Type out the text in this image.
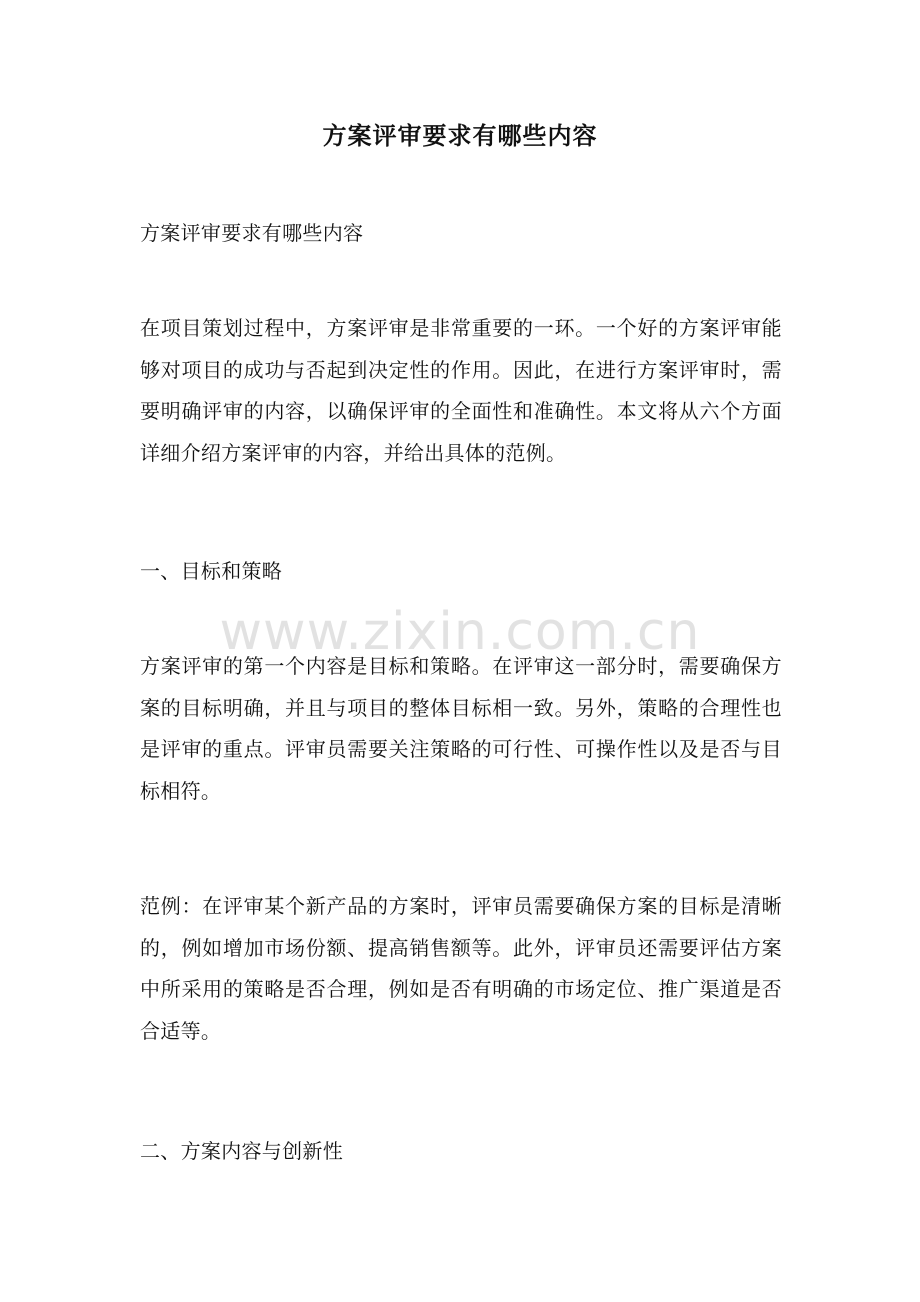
方案评审要求有哪些内容
方案评审要求有哪些内容

在项目策划过程中，方案评审是非常重要的一环。一个好的方案评审能够对项目的成功与否起到决定性的作用。因此，在进行方案评审时，需要明确评审的内容，以确保评审的全面性和准确性。本文将从六个方面详细介绍方案评审的内容，并给出具体的范例。

一、目标和策略
www.zixin.com.cn

方案评审的第一个内容是目标和策略。在评审这一部分时，需要确保方案的目标明确，并且与项目的整体目标相一致。另外，策略的合理性也是评审的重点。评审员需要关注策略的可行性、可操作性以及是否与目标相符。

范例：在评审某个新产品的方案时，评审员需要确保方案的目标是清晰的，例如增加市场份额、提高销售额等。此外，评审员还需要评估方案中所采用的策略是否合理，例如是否有明确的市场定位、推广渠道是否合适等。

二、方案内容与创新性
